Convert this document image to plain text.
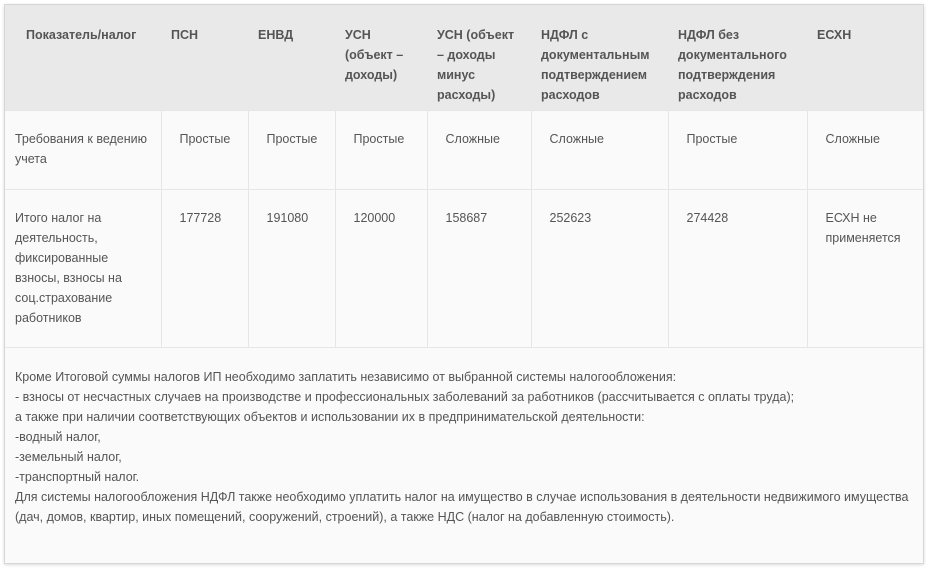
Показатель/налог	ПСН	ЕНВД	УСН (объект – доходы)	УСН (объект – доходы минус расходы)	НДФЛ с документальным подтверждением расходов	НДФЛ без документального подтверждения расходов	ЕСХН
Требования к ведению учета	Простые	Простые	Простые	Сложные	Сложные	Простые	Сложные
Итого налог на деятельность, фиксированные взносы, взносы на соц.страхование работников	177728	191080	120000	158687	252623	274428	ЕСХН не применяется
Кроме Итоговой суммы налогов ИП необходимо заплатить независимо от выбранной системы налогообложения:
- взносы от несчастных случаев на производстве и профессиональных заболеваний за работников (рассчитывается с оплаты труда);
а также при наличии соответствующих объектов и использовании их в предпринимательской деятельности:
-водный налог,
-земельный налог,
-транспортный налог.
Для системы налогообложения НДФЛ также необходимо уплатить налог на имущество в случае использования в деятельности недвижимого имущества
(дач, домов, квартир, иных помещений, сооружений, строений), а также НДС (налог на добавленную стоимость).
